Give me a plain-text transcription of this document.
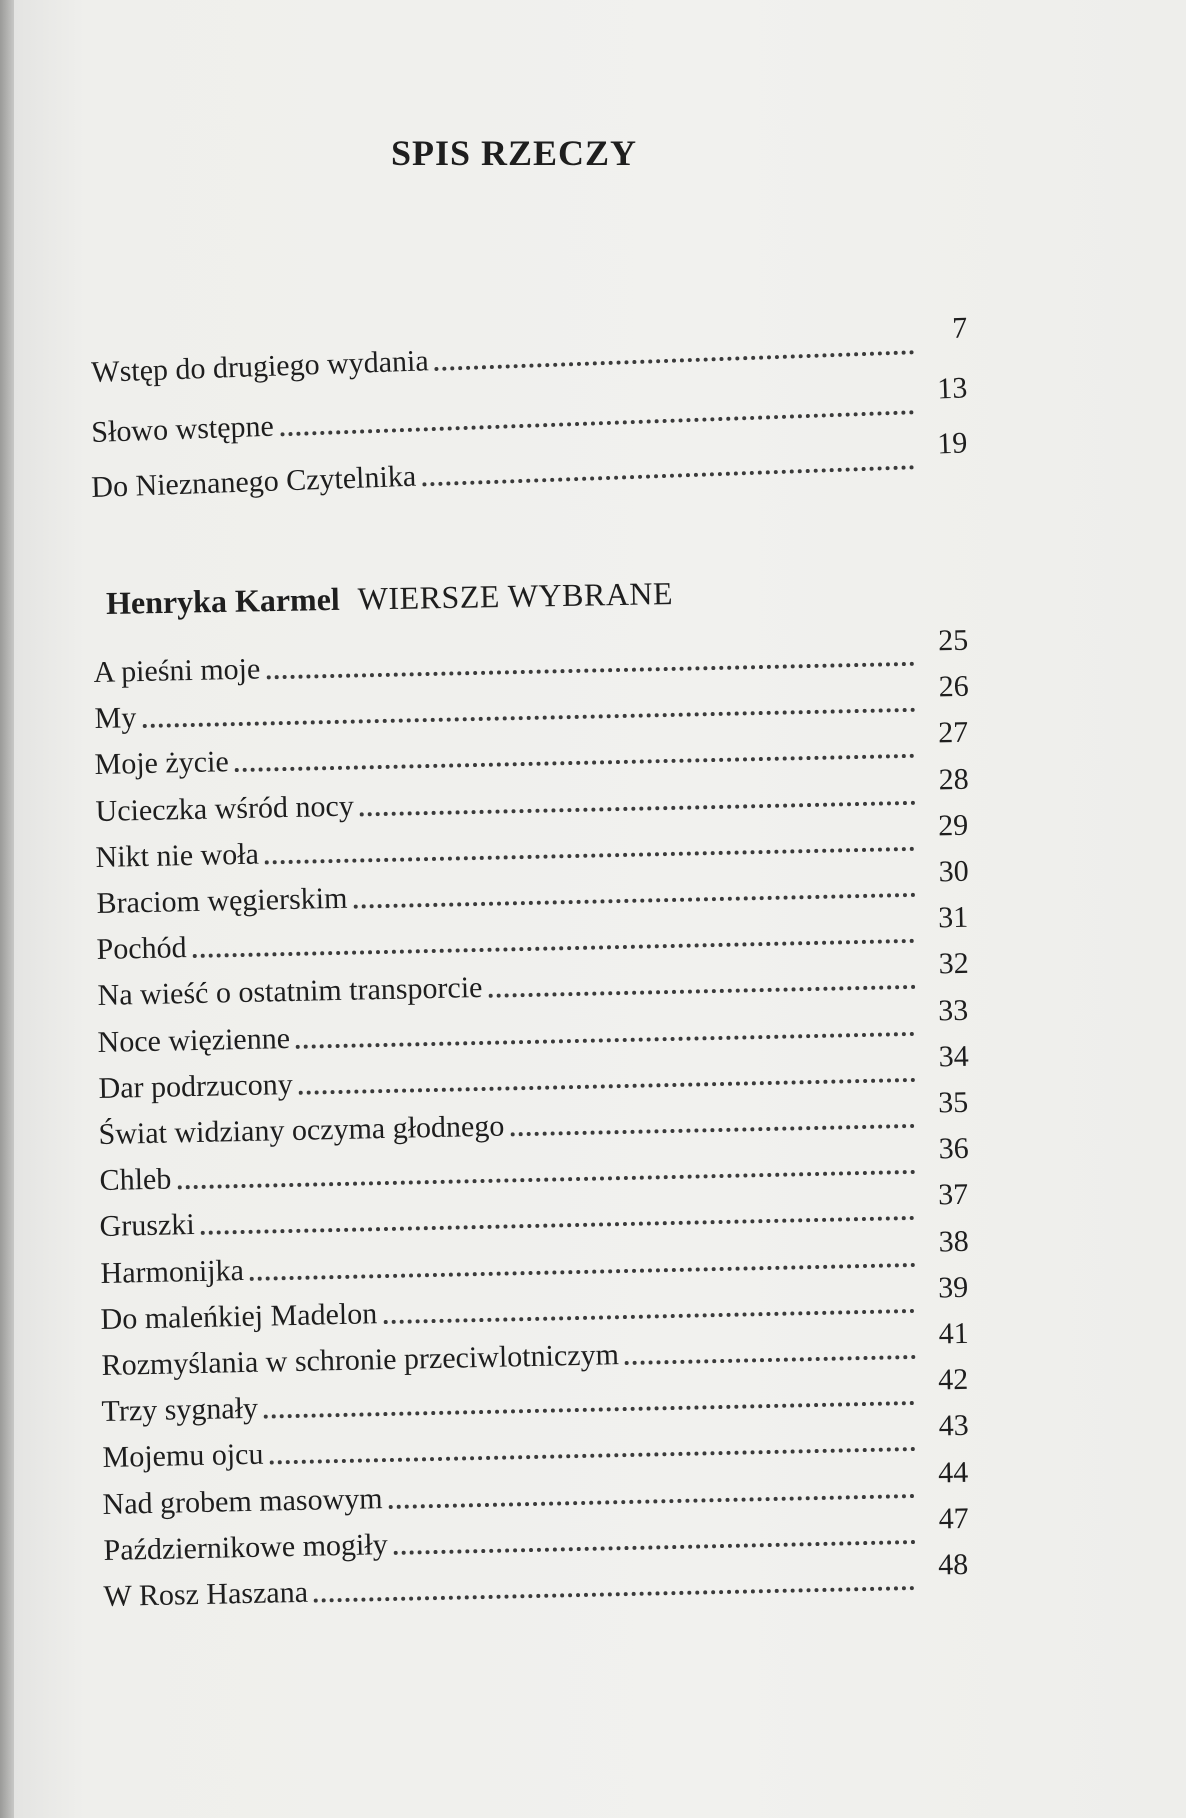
SPIS RZECZY
Wstęp do drugiego wydania
7
Słowo wstępne
13
Do Nieznanego Czytelnika
19
Henryka Karmel WIERSZE WYBRANE
A pieśni moje
25
My
26
Moje życie
27
Ucieczka wśród nocy
28
Nikt nie woła
29
Braciom węgierskim
30
Pochód
31
Na wieść o ostatnim transporcie
32
Noce więzienne
33
Dar podrzucony
34
Świat widziany oczyma głodnego
35
Chleb
36
Gruszki
37
Harmonijka
38
Do maleńkiej Madelon
39
Rozmyślania w schronie przeciwlotniczym
41
Trzy sygnały
42
Mojemu ojcu
43
Nad grobem masowym
44
Październikowe mogiły
47
W Rosz Haszana
48
